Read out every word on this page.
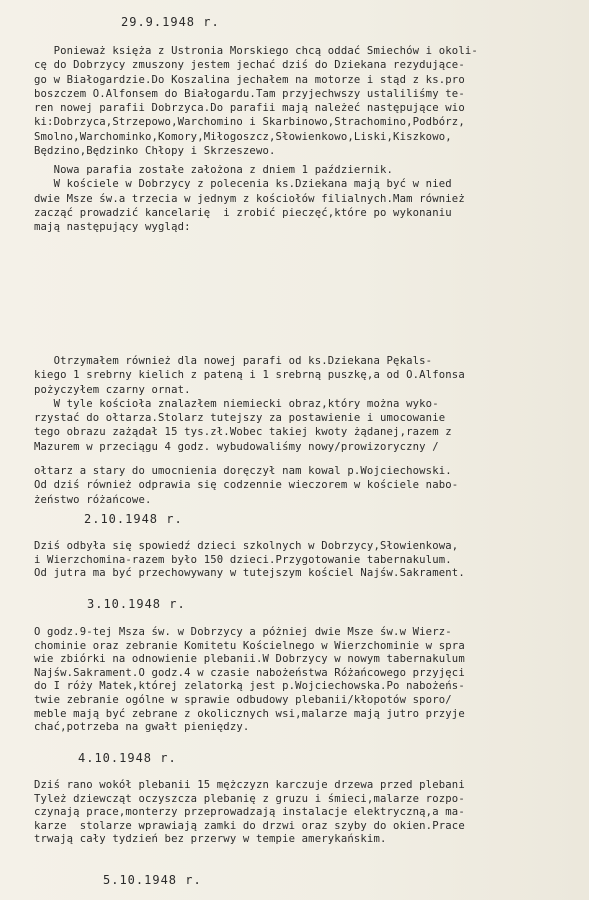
29.9.1948 r.
Ponieważ księża z Ustronia Morskiego chcą oddać Smiechów i okoli-
cę do Dobrzycy zmuszony jestem jechać dziś do Dziekana rezydujące-
go w Białogardzie.Do Koszalina jechałem na motorze i stąd z ks.pro
boszczem O.Alfonsem do Białogardu.Tam przyjechwszy ustaliliśmy te-
ren nowej parafii Dobrzyca.Do parafii mają należeć następujące wio
ki:Dobrzyca,Strzepowo,Warchomino i Skarbinowo,Strachomino,Podbórz,
Smolno,Warchominko,Komory,Miłogoszcz,Słowienkowo,Liski,Kiszkowo,
Będzino,Będzinko Chłopy i Skrzeszewo.
Nowa parafia zostałe założona z dniem 1 październik.
W kościele w Dobrzycy z polecenia ks.Dziekana mają być w nied
dwie Msze św.a trzecia w jednym z kościołów filialnych.Mam również
zacząć prowadzić kancelarię  i zrobić pieczęć,które po wykonaniu
mają następujący wygląd:
Otrzymałem również dla nowej parafi od ks.Dziekana Pękals-
kiego 1 srebrny kielich z pateną i 1 srebrną puszkę,a od O.Alfonsa
pożyczyłem czarny ornat.
W tyle kościoła znalazłem niemiecki obraz,który można wyko-
rzystać do ołtarza.Stolarz tutejszy za postawienie i umocowanie
tego obrazu zażądał 15 tys.zł.Wobec takiej kwoty żądanej,razem z
Mazurem w przeciągu 4 godz. wybudowaliśmy nowy/prowizoryczny /
ołtarz a stary do umocnienia doręczył nam kowal p.Wojciechowski.
Od dziś również odprawia się codzennie wieczorem w kościele nabo-
żeństwo różańcowe.
2.10.1948 r.
Dziś odbyła się spowiedź dzieci szkolnych w Dobrzycy,Słowienkowa,
i Wierzchomina-razem było 150 dzieci.Przygotowanie tabernakulum.
Od jutra ma być przechowywany w tutejszym kościel Najśw.Sakrament.
3.10.1948 r.
O godz.9-tej Msza św. w Dobrzycy a póżniej dwie Msze św.w Wierz-
chominie oraz zebranie Komitetu Kościelnego w Wierzchominie w spra
wie zbiórki na odnowienie plebanii.W Dobrzycy w nowym tabernakulum
Najśw.Sakrament.O godz.4 w czasie nabożeństwa Różańcowego przyjęci
do I róży Matek,której zelatorką jest p.Wojciechowska.Po nabożeńs-
twie zebranie ogólne w sprawie odbudowy plebanii/kłopotów sporo/
meble mają być zebrane z okolicznych wsi,malarze mają jutro przyje
chać,potrzeba na gwałt pieniędzy.
4.10.1948 r.
Dziś rano wokół plebanii 15 mężczyzn karczuje drzewa przed plebani
Tyleż dziewcząt oczyszcza plebanię z gruzu i śmieci,malarze rozpo-
czynają prace,monterzy przeprowadzają instalacje elektryczną,a ma-
karze  stolarze wprawiają zamki do drzwi oraz szyby do okien.Prace
trwają cały tydzień bez przerwy w tempie amerykańskim.
5.10.1948 r.
